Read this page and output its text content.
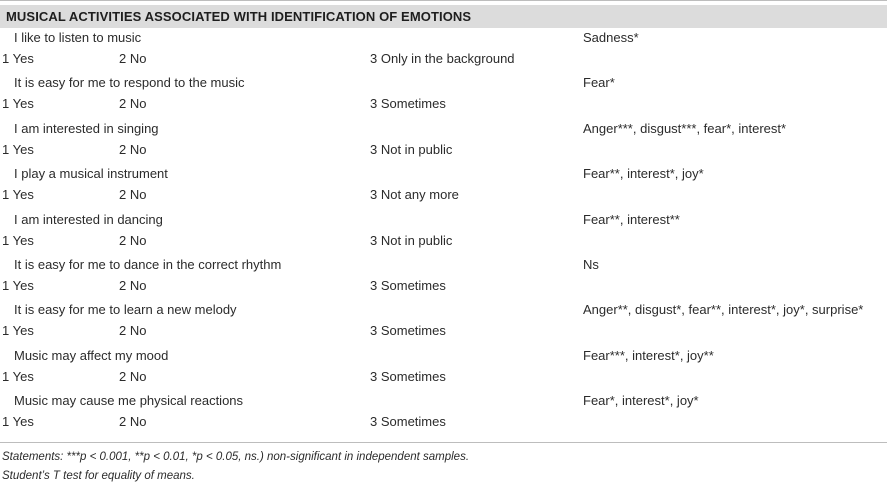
MUSICAL ACTIVITIES ASSOCIATED WITH IDENTIFICATION OF EMOTIONS
I like to listen to music	Sadness*
1 Yes	2 No	3 Only in the background
It is easy for me to respond to the music	Fear*
1 Yes	2 No	3 Sometimes
I am interested in singing	Anger***, disgust***, fear*, interest*
1 Yes	2 No	3 Not in public
I play a musical instrument	Fear**, interest*, joy*
1 Yes	2 No	3 Not any more
I am interested in dancing	Fear**, interest**
1 Yes	2 No	3 Not in public
It is easy for me to dance in the correct rhythm	Ns
1 Yes	2 No	3 Sometimes
It is easy for me to learn a new melody	Anger**, disgust*, fear**, interest*, joy*, surprise*
1 Yes	2 No	3 Sometimes
Music may affect my mood	Fear***, interest*, joy**
1 Yes	2 No	3 Sometimes
Music may cause me physical reactions	Fear*, interest*, joy*
1 Yes	2 No	3 Sometimes
Statements: ***p < 0.001, **p < 0.01, *p < 0.05, ns.) non-significant in independent samples.
Student’s T test for equality of means.
